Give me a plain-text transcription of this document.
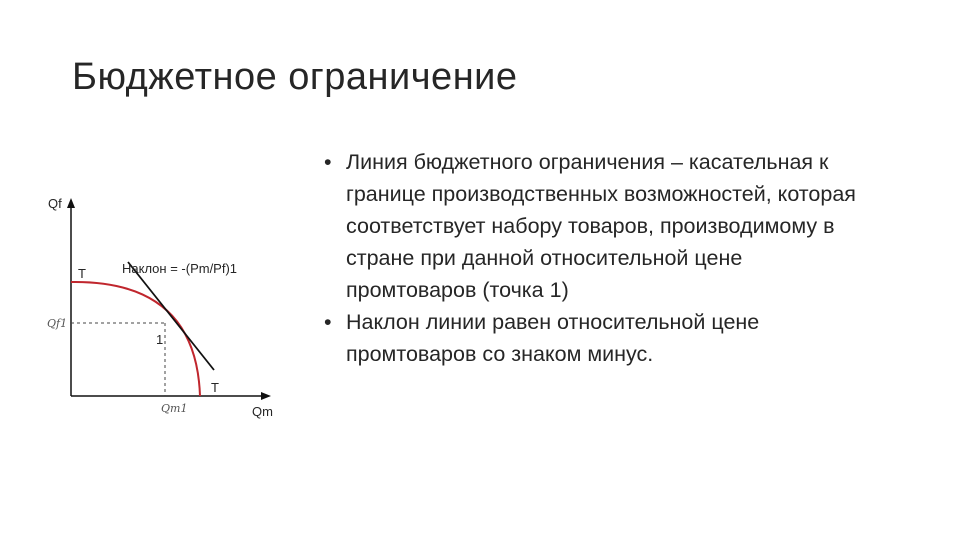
Бюджетное ограничение
Qf
Qm
T
T
Наклон = -(Pm/Pf)1
1
Qf1
Qm1
• Линия бюджетного ограничения – касательная к границе производственных возможностей, которая соответствует набору товаров, производимому в стране при данной относительной цене промтоваров (точка 1)
• Наклон линии равен относительной цене промтоваров со знаком минус.
